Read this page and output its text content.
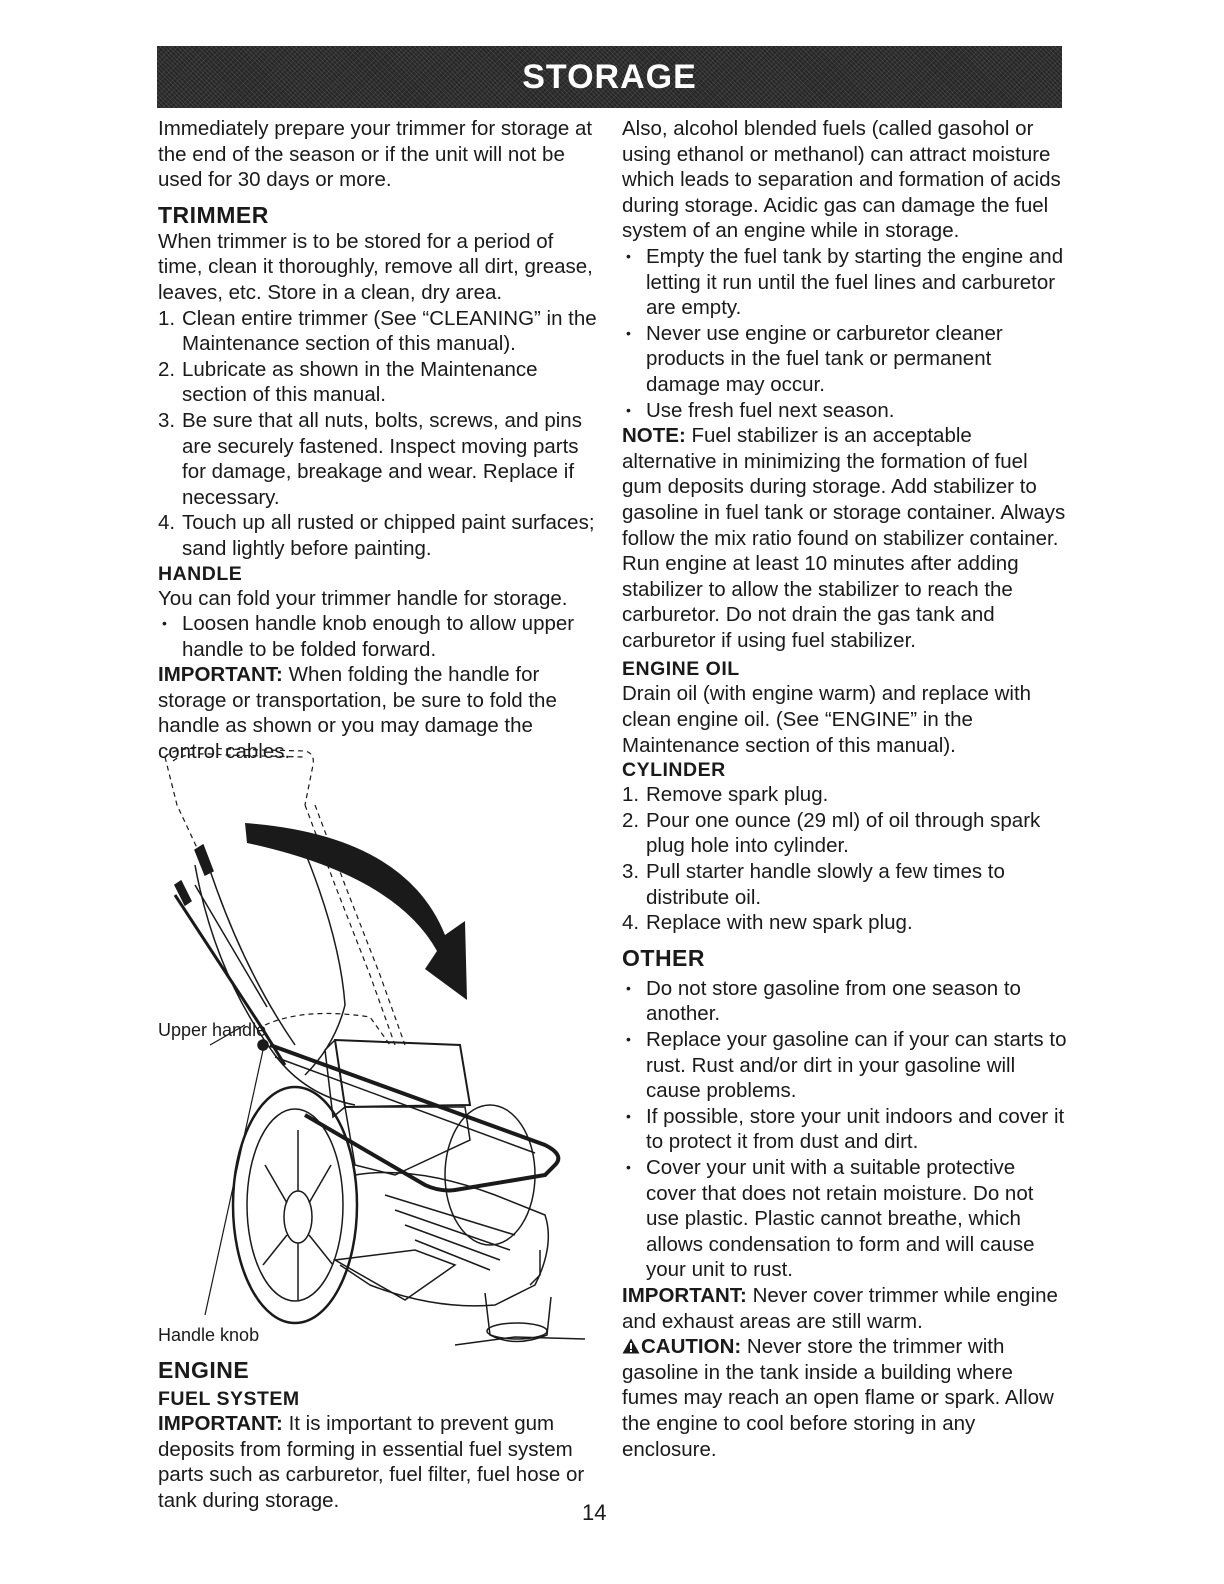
STORAGE

Immediately prepare your trimmer for storage at the end of the season or if the unit will not be used for 30 days or more.

TRIMMER

When trimmer is to be stored for a period of time, clean it thoroughly, remove all dirt, grease, leaves, etc. Store in a clean, dry area.

1. Clean entire trimmer (See “CLEANING” in the Maintenance section of this manual).
2. Lubricate as shown in the Maintenance section of this manual.
3. Be sure that all nuts, bolts, screws, and pins are securely fastened. Inspect moving parts for damage, breakage and wear. Replace if necessary.
4. Touch up all rusted or chipped paint surfaces; sand lightly before painting.
HANDLE

You can fold your trimmer handle for storage.

• Loosen handle knob enough to allow upper handle to be folded forward.

IMPORTANT: When folding the handle for storage or transportation, be sure to fold the handle as shown or you may damage the control cables.

Upper handle
Handle knob
ENGINE
FUEL SYSTEM

IMPORTANT: It is important to prevent gum deposits from forming in essential fuel system parts such as carburetor, fuel filter, fuel hose or tank during storage.

Also, alcohol blended fuels (called gasohol or using ethanol or methanol) can attract moisture which leads to separation and formation of acids during storage. Acidic gas can damage the fuel system of an engine while in storage.

• Empty the fuel tank by starting the engine and letting it run until the fuel lines and carburetor are empty.
• Never use engine or carburetor cleaner products in the fuel tank or permanent damage may occur.
• Use fresh fuel next season.

NOTE: Fuel stabilizer is an acceptable alternative in minimizing the formation of fuel gum deposits during storage. Add stabilizer to gasoline in fuel tank or storage container. Always follow the mix ratio found on stabilizer container. Run engine at least 10 minutes after adding stabilizer to allow the stabilizer to reach the carburetor. Do not drain the gas tank and carburetor if using fuel stabilizer.

ENGINE OIL

Drain oil (with engine warm) and replace with clean engine oil. (See “ENGINE” in the Maintenance section of this manual).

CYLINDER
1. Remove spark plug.
2. Pour one ounce (29 ml) of oil through spark plug hole into cylinder.
3. Pull starter handle slowly a few times to distribute oil.
4. Replace with new spark plug.
OTHER
• Do not store gasoline from one season to another.
• Replace your gasoline can if your can starts to rust. Rust and/or dirt in your gasoline will cause problems.
• If possible, store your unit indoors and cover it to protect it from dust and dirt.
• Cover your unit with a suitable protective cover that does not retain moisture. Do not use plastic. Plastic cannot breathe, which allows condensation to form and will cause your unit to rust.

IMPORTANT: Never cover trimmer while engine and exhaust areas are still warm.

CAUTION: Never store the trimmer with gasoline in the tank inside a building where fumes may reach an open flame or spark. Allow the engine to cool before storing in any enclosure.

14
